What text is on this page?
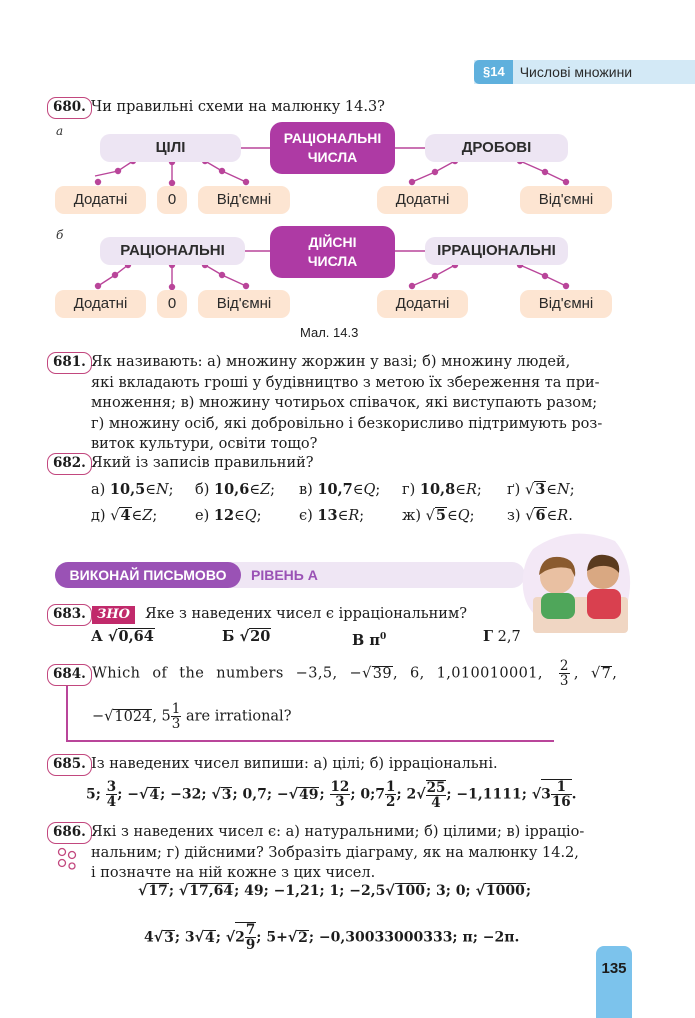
§14	Числові множини
680. Чи правильні схеми на малюнку 14.3?
а
ЦІЛІ
РАЦІОНАЛЬНІ
ЧИСЛА
ДРОБОВІ
Додатні	0	Від'ємні	Додатні	Від'ємні
б
РАЦІОНАЛЬНІ	ДІЙСНІ
ЧИСЛА
ІРРАЦІОНАЛЬНІ
Додатні	0	Від'ємні	Додатні	Від'ємні
Мал. 14.3
681. Як називають: а) множину жоржин у вазі; б) множину людей,
які вкладають гроші у будівництво з метою їх збереження та при-
множення; в) множину чотирьох співачок, які виступають разом;
г) множину осіб, які добровільно і безкорисливо підтримують роз-
виток культури, освіти тощо?
682. Який із записів правильний?
а) 10,5∈N; б) 10,6∈Z; в) 10,7∈Q; г) 10,8∈R; ґ) √3∈N;
д) √4∈Z;	е) 12∈Q;	є) 13∈R;	ж) √5∈Q; з) √6∈R.
ВИКОНАЙ ПИСЬМОВО	РІВЕНЬ А
683. ЗНО	Яке з наведених чисел є ірраціональним?
А √0,64	Б √20	В $\pi^0$	Г 2,7
684. Which of the numbers −3,5, −√39, 6, 1,010010001, $\frac{2}{3}$ , √7,
−√1024, $5 \frac{1}{3}$ are irrational?
685. Із наведених чисел випиши: а) цілі; б) ірраціональні.
5; $\frac{3}{4}$ ; −√4; −32; √3; 0,7; −√49; $\frac{12}{3}$ ; 0;7 $\frac{1}{2}$ ; $2√ \frac{25}{4}$ ; −1,1111; $√3 \frac{1}{16}$ .
686. Які з наведених чисел є: а) натуральними; б) цілими; в) ірраціо-
нальним; г) дійсними? Зобразіть діаграму, як на малюнку 14.2,
і позначте на ній кожне з цих чисел.
√17; √17,64; 49; −1,21; 1; −2,5√100; 3; 0; √1000;
4√3; 3√4; $√2 \frac{7}{9}$ ; 5+√2; −0,30033000333; π; −2π.
135
